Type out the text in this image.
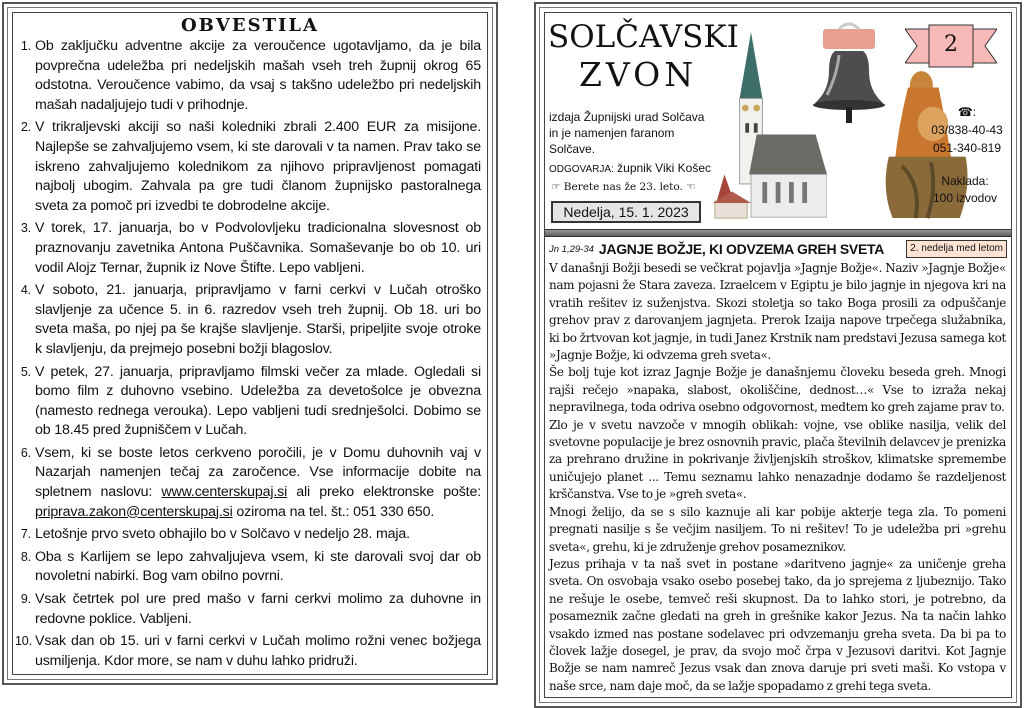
OBVESTILA
1. Ob zaključku adventne akcije za veroučence ugotavljamo, da je bila povprečna udeležba pri nedeljskih mašah vseh treh župnij okrog 65 odstotna. Veroučence vabimo, da vsaj s takšno udeležbo pri nedeljskih mašah nadaljujejo tudi v prihodnje.
2. V trikraljevski akciji so naši koledniki zbrali 2.400 EUR za misijone. Najlepše se zahvaljujemo vsem, ki ste darovali v ta namen. Prav tako se iskreno zahvaljujemo kolednikom za njihovo pripravljenost pomagati najbolj ubogim. Zahvala pa gre tudi članom župnijsko pastoralnega sveta za pomoč pri izvedbi te dobrodelne akcije.
3. V torek, 17. januarja, bo v Podvolovljeku tradicionalna slovesnost ob praznovanju zavetnika Antona Puščavnika. Somaševanje bo ob 10. uri vodil Alojz Ternar, župnik iz Nove Štifte. Lepo vabljeni.
4. V soboto, 21. januarja, pripravljamo v farni cerkvi v Lučah otroško slavljenje za učence 5. in 6. razredov vseh treh župnij. Ob 18. uri bo sveta maša, po njej pa še krajše slavljenje. Starši, pripeljite svoje otroke k slavljenju, da prejmejo posebni božji blagoslov.
5. V petek, 27. januarja, pripravljamo filmski večer za mlade. Ogledali si bomo film z duhovno vsebino. Udeležba za devetošolce je obvezna (namesto rednega verouka). Lepo vabljeni tudi srednješolci. Dobimo se ob 18.45 pred župniščem v Lučah.
6. Vsem, ki se boste letos cerkveno poročili, je v Domu duhovnih vaj v Nazarjah namenjen tečaj za zaročence. Vse informacije dobite na spletnem naslovu: www.centerskupaj.si ali preko elektronske pošte: priprava.zakon@centerskupaj.si oziroma na tel. št.: 051 330 650.
7. Letošnje prvo sveto obhajilo bo v Solčavo v nedeljo 28. maja.
8. Oba s Karlijem se lepo zahvaljujeva vsem, ki ste darovali svoj dar ob novoletni nabirki. Bog vam obilno povrni.
9. Vsak četrtek pol ure pred mašo v farni cerkvi molimo za duhovne in redovne poklice. Vabljeni.
10. Vsak dan ob 15. uri v farni cerkvi v Lučah molimo rožni venec božjega usmiljenja. Kdor more, se nam v duhu lahko pridruži.
SOLČAVSKI
ZVON
izdaja Župnijski urad Solčava
in je namenjen faranom
Solčave.
ODGOVARJA: župnik Viki Košec
☞ Berete nas že 23. leto. ☜
Nedelja, 15. 1. 2023
2
☎:
03/838-40-43
051-340-819
Naklada:
100 izvodov
Jn 1,29-34 JAGNJE BOŽJE, KI ODVZEMA GREH SVETA	2. nedelja med letom

V današnji Božji besedi se večkrat pojavlja »Jagnje Božje«. Naziv »Jagnje Božje« nam pojasni že Stara zaveza. Izraelcem v Egiptu je bilo jagnje in njegova kri na vratih rešitev iz suženjstva. Skozi stoletja so tako Boga prosili za odpuščanje grehov prav z darovanjem jagnjeta. Prerok Izaija napove trpečega služabnika, ki bo žrtvovan kot jagnje, in tudi Janez Krstnik nam predstavi Jezusa samega kot »Jagnje Božje, ki odvzema greh sveta«.

Še bolj tuje kot izraz Jagnje Božje je današnjemu človeku beseda greh. Mnogi rajši rečejo »napaka, slabost, okoliščine, dednost…« Vse to izraža nekaj nepravilnega, toda odriva osebno odgovornost, medtem ko greh zajame prav to.

Zlo je v svetu navzoče v mnogih oblikah: vojne, vse oblike nasilja, velik del svetovne populacije je brez osnovnih pravic, plača številnih delavcev je prenizka za prehrano družine in pokrivanje življenjskih stroškov, klimatske spremembe uničujejo planet ... Temu seznamu lahko nenazadnje dodamo še razdeljenost krščanstva. Vse to je »greh sveta«.

Mnogi želijo, da se s silo kaznuje ali kar pobije akterje tega zla. To pomeni pregnati nasilje s še večjim nasiljem. To ni rešitev! To je udeležba pri »grehu sveta«, grehu, ki je združenje grehov posameznikov.

Jezus prihaja v ta naš svet in postane »daritveno jagnje« za uničenje greha sveta. On osvobaja vsako osebo posebej tako, da jo sprejema z ljubeznijo. Tako ne rešuje le osebe, temveč reši skupnost. Da to lahko stori, je potrebno, da posameznik začne gledati na greh in grešnike kakor Jezus. Na ta način lahko vsakdo izmed nas postane sodelavec pri odvzemanju greha sveta. Da bi pa to človek lažje dosegel, je prav, da svojo moč črpa v Jezusovi daritvi. Kot Jagnje Božje se nam namreč Jezus vsak dan znova daruje pri sveti maši. Ko vstopa v naše srce, nam daje moč, da se lažje spopadamo z grehi tega sveta.
